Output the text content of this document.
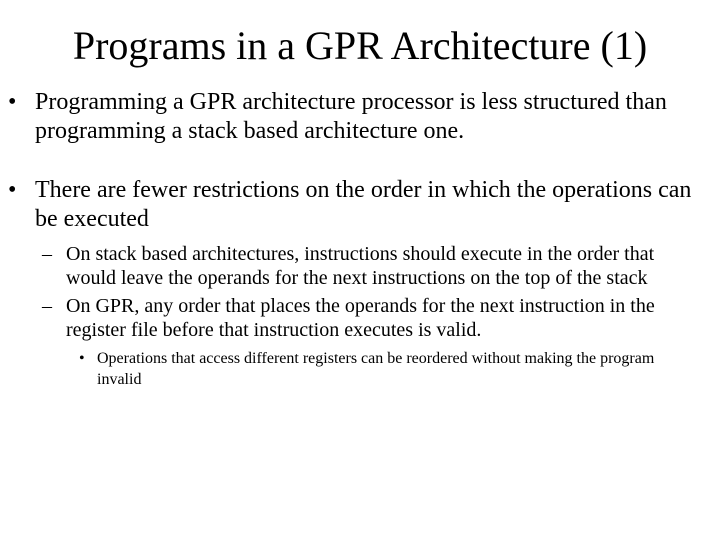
Programs in a GPR Architecture (1)
• Programming a GPR architecture processor is less structured than programming a stack based architecture one.
• There are fewer restrictions on the order in which the operations can be executed
– On stack based architectures, instructions should execute in the order that would leave the operands for the next instructions on the top of the stack
– On GPR, any order that places the operands for the next instruction in the register file before that instruction executes is valid.
• Operations that access different registers can be reordered without making the program invalid
